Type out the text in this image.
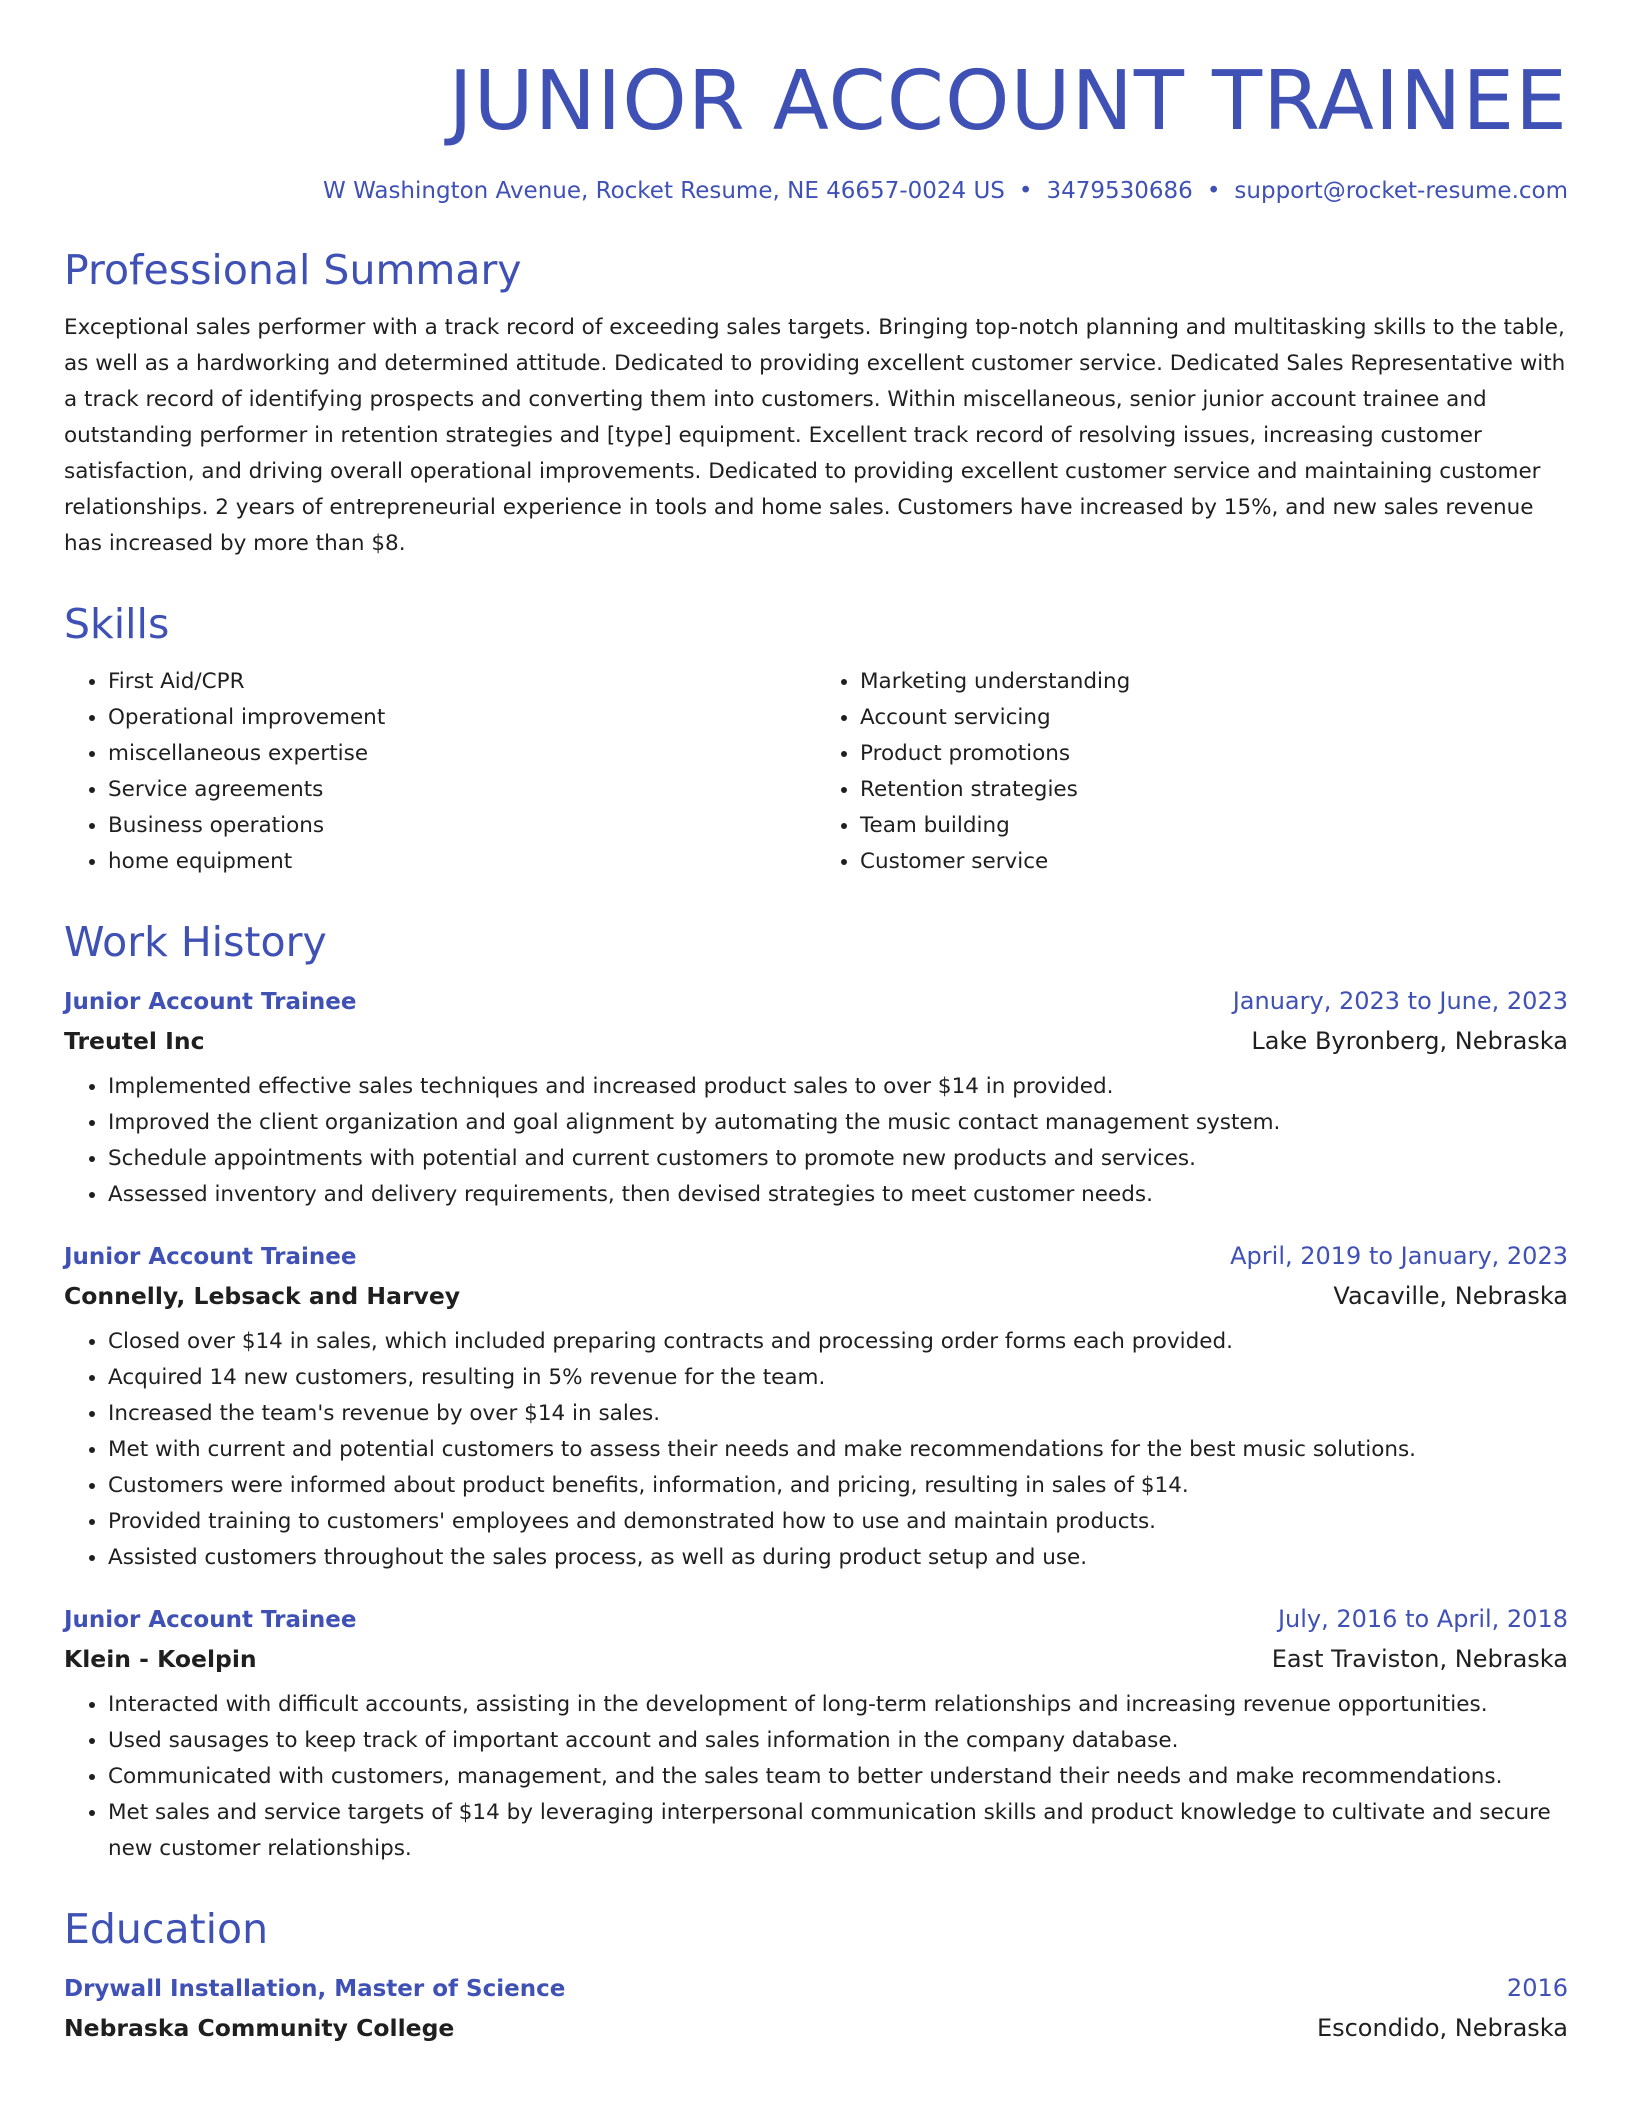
JUNIOR ACCOUNT TRAINEE
W Washington Avenue, Rocket Resume, NE 46657-0024 US • 3479530686 • support@rocket-resume.com
Professional Summary

Exceptional sales performer with a track record of exceeding sales targets. Bringing top-notch planning and multitasking skills to the table, as well as a hardworking and determined attitude. Dedicated to providing excellent customer service. Dedicated Sales Representative with a track record of identifying prospects and converting them into customers. Within miscellaneous, senior junior account trainee and outstanding performer in retention strategies and [type] equipment. Excellent track record of resolving issues, increasing customer satisfaction, and driving overall operational improvements. Dedicated to providing excellent customer service and maintaining customer relationships. 2 years of entrepreneurial experience in tools and home sales. Customers have increased by 15%, and new sales revenue has increased by more than $8.

Skills
• First Aid/CPR
• Operational improvement
• miscellaneous expertise
• Service agreements
• Business operations
• home equipment
• Marketing understanding
• Account servicing
• Product promotions
• Retention strategies
• Team building
• Customer service
Work History
Junior Account Trainee	January, 2023 to June, 2023
Treutel Inc	Lake Byronberg, Nebraska
• Implemented effective sales techniques and increased product sales to over $14 in provided.
• Improved the client organization and goal alignment by automating the music contact management system.
• Schedule appointments with potential and current customers to promote new products and services.
• Assessed inventory and delivery requirements, then devised strategies to meet customer needs.
Junior Account Trainee	April, 2019 to January, 2023
Connelly, Lebsack and Harvey	Vacaville, Nebraska
• Closed over $14 in sales, which included preparing contracts and processing order forms each provided.
• Acquired 14 new customers, resulting in 5% revenue for the team.
• Increased the team's revenue by over $14 in sales.
• Met with current and potential customers to assess their needs and make recommendations for the best music solutions.
• Customers were informed about product benefits, information, and pricing, resulting in sales of $14.
• Provided training to customers' employees and demonstrated how to use and maintain products.
• Assisted customers throughout the sales process, as well as during product setup and use.
Junior Account Trainee	July, 2016 to April, 2018
Klein - Koelpin	East Traviston, Nebraska
• Interacted with difficult accounts, assisting in the development of long-term relationships and increasing revenue opportunities.
• Used sausages to keep track of important account and sales information in the company database.
• Communicated with customers, management, and the sales team to better understand their needs and make recommendations.
• Met sales and service targets of $14 by leveraging interpersonal communication skills and product knowledge to cultivate and secure new customer relationships.
Education
Drywall Installation, Master of Science	2016
Nebraska Community College	Escondido, Nebraska
